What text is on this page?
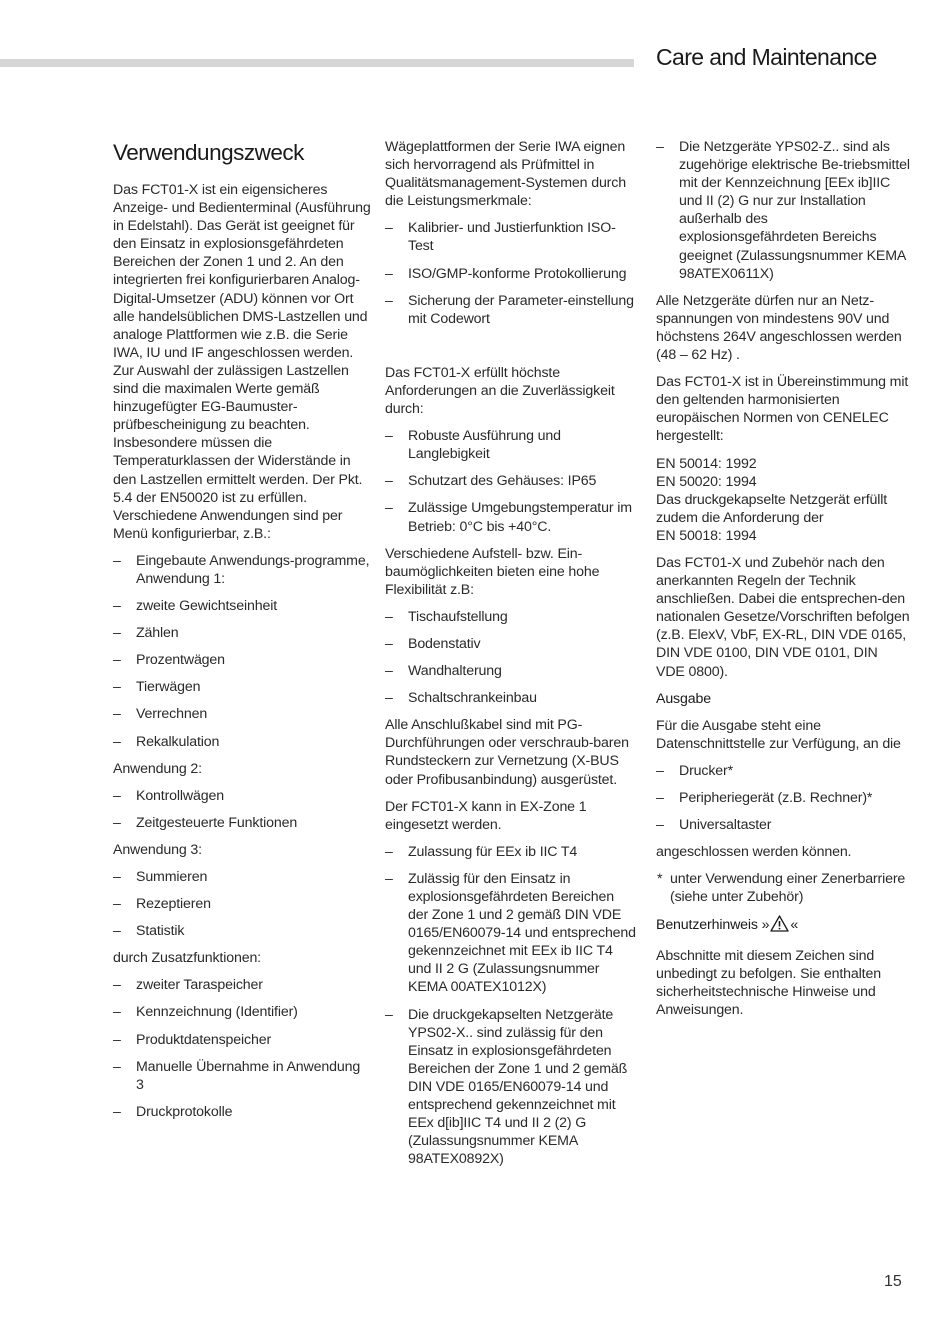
Care and Maintenance
Verwendungszweck

Das FCT01-X ist ein eigensicheres Anzeige- und Bedienterminal (Ausführung in Edelstahl). Das Gerät ist geeignet für den Einsatz in explosionsgefährdeten Bereichen der Zonen 1 und 2. An den integrierten frei konfigurierbaren Analog-Digital-Umsetzer (ADU) können vor Ort alle handelsüblichen DMS-Lastzellen und analoge Plattformen wie z.B. die Serie IWA, IU und IF angeschlossen werden. Zur Auswahl der zulässigen Lastzellen sind die maximalen Werte gemäß hinzugefügter EG-Baumuster-prüfbescheinigung zu beachten. Insbesondere müssen die Temperaturklassen der Widerstände in den Lastzellen ermittelt werden. Der Pkt. 5.4 der EN50020 ist zu erfüllen. Verschiedene Anwendungen sind per Menü konfigurierbar, z.B.:

– Eingebaute Anwendungs-programme, Anwendung 1:
– zweite Gewichtseinheit
– Zählen
– Prozentwägen
– Tierwägen
– Verrechnen
– Rekalkulation

Anwendung 2:

– Kontrollwägen
– Zeitgesteuerte Funktionen

Anwendung 3:

– Summieren
– Rezeptieren
– Statistik

durch Zusatzfunktionen:

– zweiter Taraspeicher
– Kennzeichnung (Identifier)
– Produktdatenspeicher
– Manuelle Übernahme in Anwendung 3
– Druckprotokolle

Wägeplattformen der Serie IWA eignen sich hervorragend als Prüfmittel in Qualitätsmanagement-Systemen durch die Leistungsmerkmale:

– Kalibrier- und Justierfunktion ISO-Test
– ISO/GMP-konforme Protokollierung
– Sicherung der Parameter-einstellung mit Codewort

Das FCT01-X erfüllt höchste Anforderungen an die Zuverlässigkeit durch:

– Robuste Ausführung und Langlebigkeit
– Schutzart des Gehäuses: IP65
– Zulässige Umgebungstemperatur im Betrieb: 0°C bis +40°C.

Verschiedene Aufstell- bzw. Ein-baumöglichkeiten bieten eine hohe Flexibilität z.B:

– Tischaufstellung
– Bodenstativ
– Wandhalterung
– Schaltschrankeinbau

Alle Anschlußkabel sind mit PG-Durchführungen oder verschraub-baren Rundsteckern zur Vernetzung (X-BUS oder Profibusanbindung) ausgerüstet.

Der FCT01-X kann in EX-Zone 1 eingesetzt werden.

– Zulassung für EEx ib IIC T4
– Zulässig für den Einsatz in explosionsgefährdeten Bereichen der Zone 1 und 2 gemäß DIN VDE 0165/EN60079-14 und entsprechend gekennzeichnet mit EEx ib IIC T4 und II 2 G (Zulassungsnummer KEMA 00ATEX1012X)
– Die druckgekapselten Netzgeräte YPS02-X.. sind zulässig für den Einsatz in explosionsgefährdeten Bereichen der Zone 1 und 2 gemäß DIN VDE 0165/EN60079-14 und entsprechend gekennzeichnet mit EEx d[ib]IIC T4 und II 2 (2) G (Zulassungsnummer KEMA 98ATEX0892X)
– Die Netzgeräte YPS02-Z.. sind als zugehörige elektrische Be-triebsmittel mit der Kennzeichnung [EEx ib]IIC und II (2) G nur zur Installation außerhalb des explosionsgefährdeten Bereichs geeignet (Zulassungsnummer KEMA 98ATEX0611X)

Alle Netzgeräte dürfen nur an Netz-spannungen von mindestens 90V und höchstens 264V angeschlossen werden (48 – 62 Hz) .

Das FCT01-X ist in Übereinstimmung mit den geltenden harmonisierten europäischen Normen von CENELEC hergestellt:

EN 50014: 1992
EN 50020: 1994
Das druckgekapselte Netzgerät erfüllt zudem die Anforderung der
EN 50018: 1994

Das FCT01-X und Zubehör nach den anerkannten Regeln der Technik anschließen. Dabei die entsprechen-den nationalen Gesetze/Vorschriften befolgen (z.B. ElexV, VbF, EX-RL, DIN VDE 0165, DIN VDE 0100, DIN VDE 0101, DIN VDE 0800).

Ausgabe

Für die Ausgabe steht eine Datenschnittstelle zur Verfügung, an die

– Drucker*
– Peripheriegerät (z.B. Rechner)*
– Universaltaster

angeschlossen werden können.

* unter Verwendung einer Zenerbarriere (siehe unter Zubehör)
Benutzerhinweis » «

Abschnitte mit diesem Zeichen sind unbedingt zu befolgen. Sie enthalten sicherheitstechnische Hinweise und Anweisungen.

15
